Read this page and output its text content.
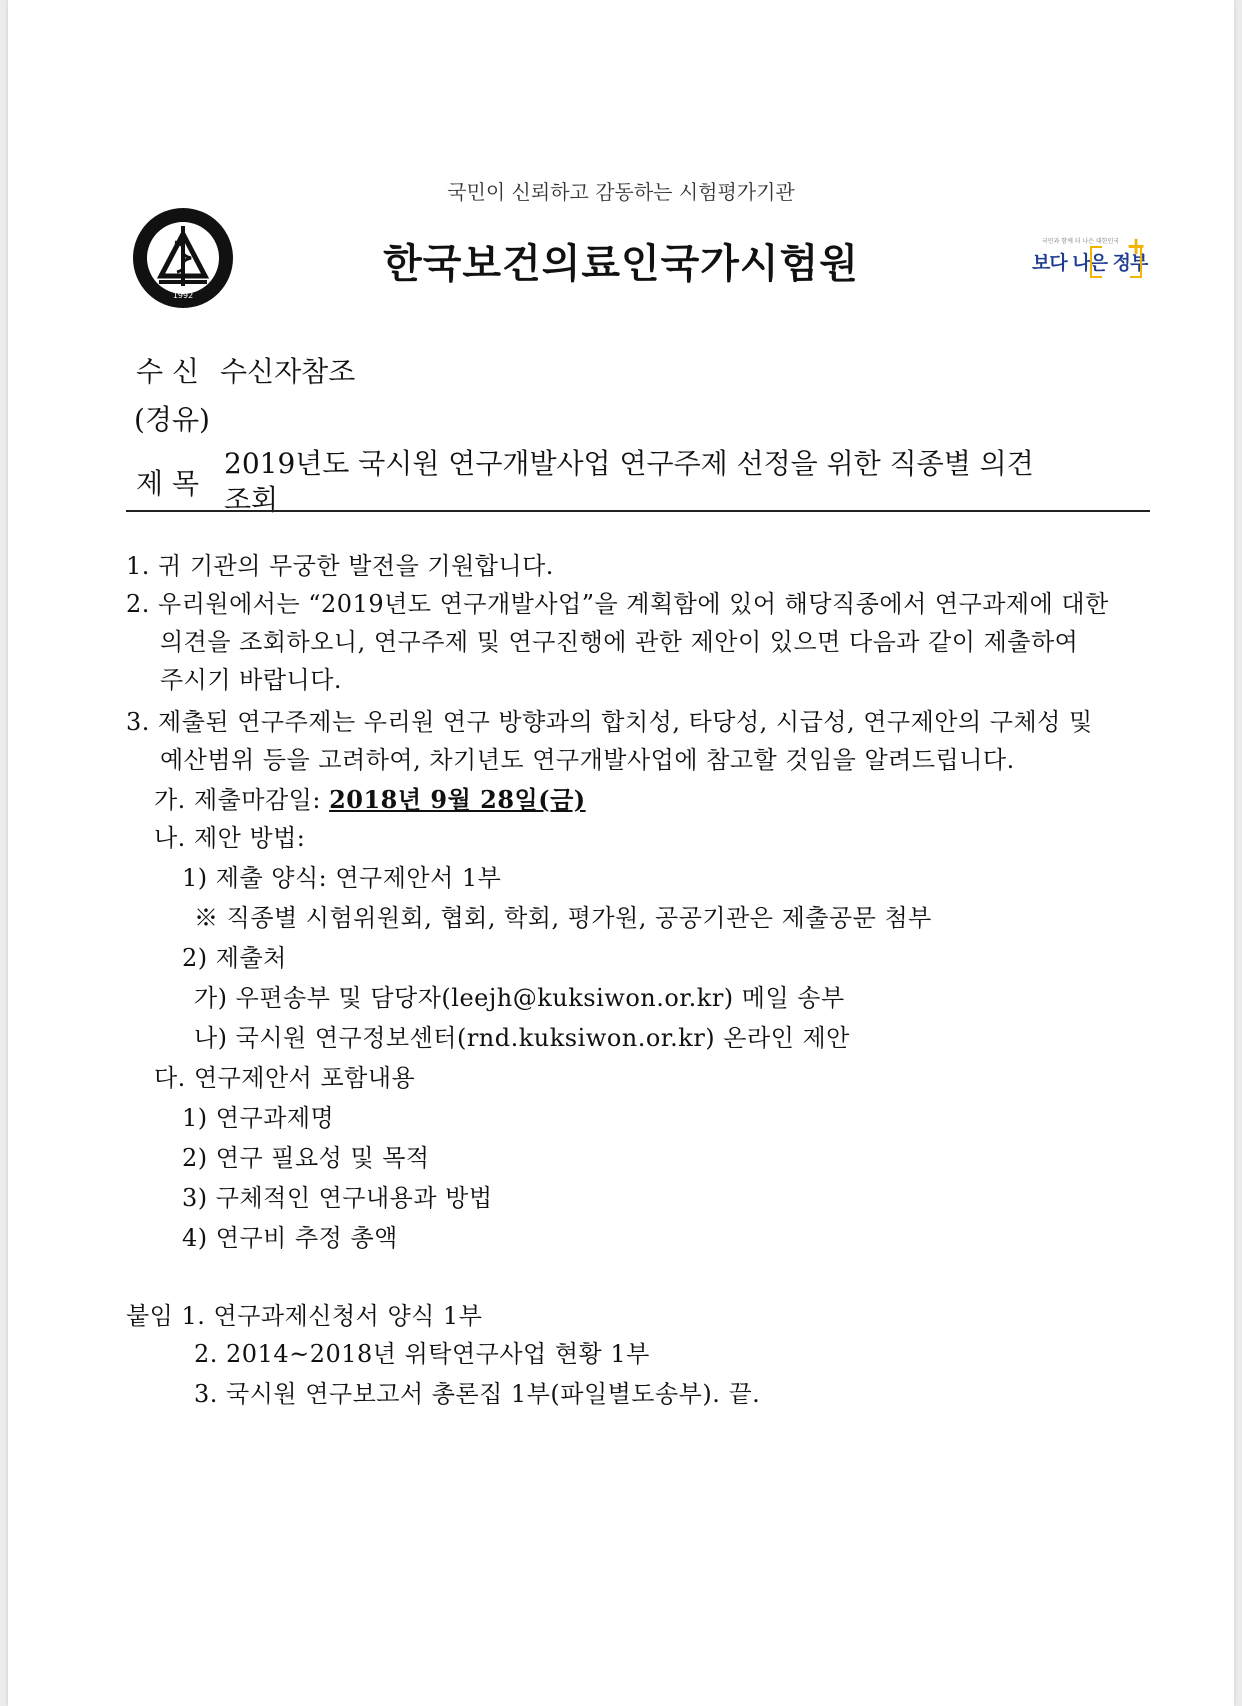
1992
국민이 신뢰하고 감동하는 시험평가기관
한국보건의료인국가시험원	국민과 함께 더 나은 대한민국
보다 나은 정부
+
수 신 수신자참조
(경유)
제 목
2019년도 국시원 연구개발사업 연구주제 선정을 위한 직종별 의견
조회
1. 귀 기관의 무궁한 발전을 기원합니다.
2. 우리원에서는 “2019년도 연구개발사업”을 계획함에 있어 해당직종에서 연구과제에 대한
의견을 조회하오니, 연구주제 및 연구진행에 관한 제안이 있으면 다음과 같이 제출하여
주시기 바랍니다.
3. 제출된 연구주제는 우리원 연구 방향과의 합치성, 타당성, 시급성, 연구제안의 구체성 및
예산범위 등을 고려하여, 차기년도 연구개발사업에 참고할 것임을 알려드립니다.
가. 제출마감일: 2018년 9월 28일(금)
나. 제안 방법:
1) 제출 양식: 연구제안서 1부
※ 직종별 시험위원회, 협회, 학회, 평가원, 공공기관은 제출공문 첨부
2) 제출처
가) 우편송부 및 담당자(leejh@kuksiwon.or.kr) 메일 송부
나) 국시원 연구정보센터(rnd.kuksiwon.or.kr) 온라인 제안
다. 연구제안서 포함내용
1) 연구과제명
2) 연구 필요성 및 목적
3) 구체적인 연구내용과 방법
4) 연구비 추정 총액
붙임 1. 연구과제신청서 양식 1부
2. 2014~2018년 위탁연구사업 현황 1부
3. 국시원 연구보고서 총론집 1부(파일별도송부). 끝.
